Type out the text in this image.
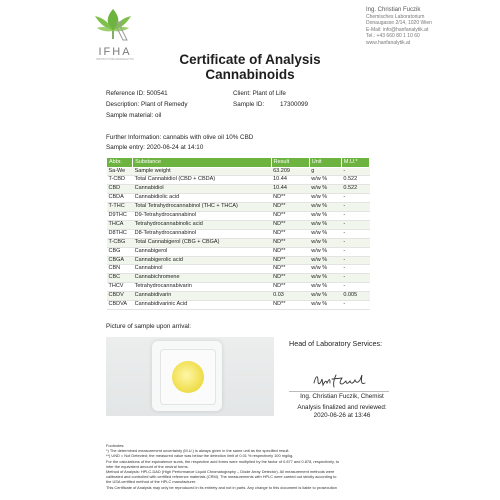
IFHA
INSTITUT FÜR HANFANALYTIK
Ing. Christian Fuczik
Chemisches Laboratorium
Donaugasse 2/14, 1020 Wien
E-Mail: info@hanfanalytik.at
Tel.: +43 660 80 1 10 60
www.hanfanalytik.at
Certificate of Analysis
Cannabinoids
Reference ID: 500541	Client: Plant of Life
Description: Plant of Remedy	Sample ID:	17300099
Sample material: oil
Further Information: cannabis with olive oil 10% CBD
Sample entry: 2020-06-24 at 14:10
Abbr.	Substance	Result	Unit	M.U.*
Sa-We	Sample weight	63.209	g	-
T-CBD	Total Cannabidiol (CBD + CBDA)	10.44	w/w %	0.522
CBD	Cannabidiol	10.44	w/w %	0.522
CBDA	Cannabidiolic acid	ND**	w/w %	-
T-THC	Total Tetrahydrocannabinol (THC + THCA)	ND**	w/w %	-
D9THC	D9-Tetrahydrocannabinol	ND**	w/w %	-
THCA	Tetrahydrocannabinolic acid	ND**	w/w %	-
D8THC	D8-Tetrahydrocannabinol	ND**	w/w %	-
T-CBG	Total Cannabigerol (CBG + CBGA)	ND**	w/w %	-
CBG	Cannabigerol	ND**	w/w %	-
CBGA	Cannabigerolic acid	ND**	w/w %	-
CBN	Cannabinol	ND**	w/w %	-
CBC	Cannabichromene	ND**	w/w %	-
THCV	Tetrahydrocannabivarin	ND**	w/w %	-
CBDV	Cannabidivarin	0.03	w/w %	0.005
CBDVA	Cannabidivarinic Acid	ND**	w/w %	-
Picture of sample upon arrival:
Head of Laboratory Services:
Ing. Christian Fuczik, Chemist
Analysis finalized and reviewed:
2020-06-26 at 13:46
Footnotes:
*) The determined measurement uncertainty (M.U.) is always given in the same unit as the specified result.
**) UND = Not Detected; the measured value was below the detection limit of 0.01 % respectively 100 mg/kg.
For the calculations of the equivalence sums, the respective acid forms were multiplied by the factor of 0.877 and 0.878, respectively, to
infer the equivalent amount of the neutral forms.
Method of Analysis: HPLC-DAD (High Performance Liquid Chromatography – Diode Array Detector). All measurement methods were
calibrated and controlled with certified reference materials (CRM). The measurements with HPLC were carried out strictly according to
the USA certified method of the HPLC manufacturer.
This Certificate of Analysis may only be reproduced in its entirety and not in parts. Any change to this document is liable to prosecution
